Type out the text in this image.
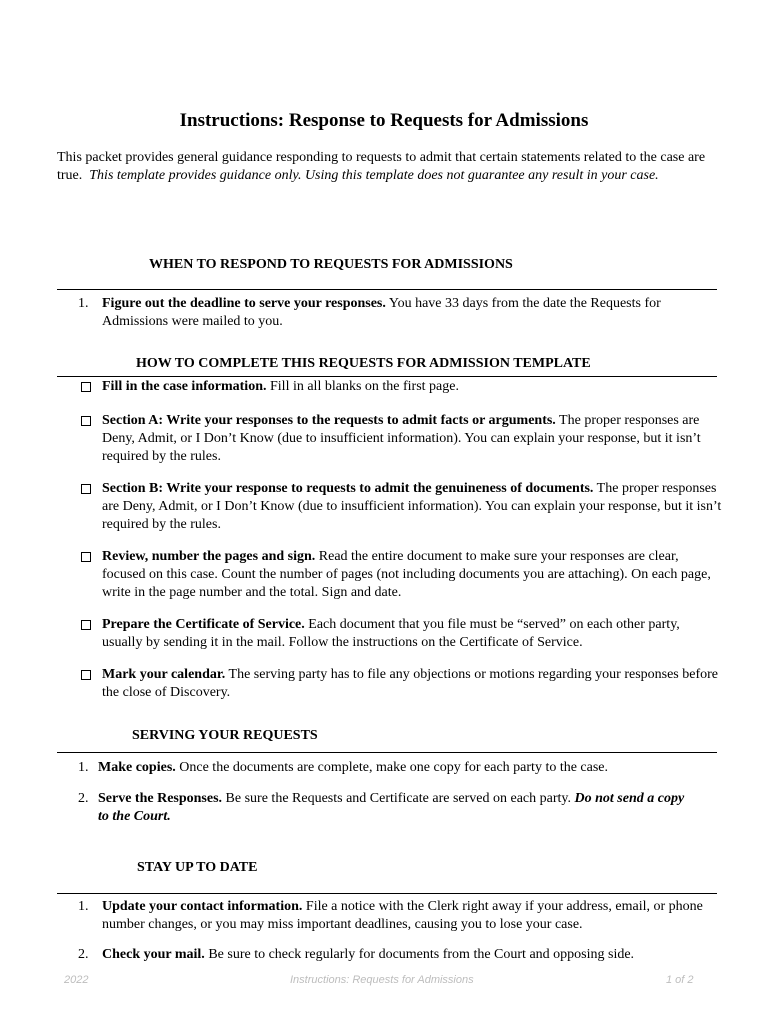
Instructions: Response to Requests for Admissions
This packet provides general guidance responding to requests to admit that certain statements related to the case are true. This template provides guidance only. Using this template does not guarantee any result in your case.
WHEN TO RESPOND TO REQUESTS FOR ADMISSIONS
1. Figure out the deadline to serve your responses. You have 33 days from the date the Requests for Admissions were mailed to you.
HOW TO COMPLETE THIS REQUESTS FOR ADMISSION TEMPLATE
Fill in the case information. Fill in all blanks on the first page.
Section A: Write your responses to the requests to admit facts or arguments. The proper responses are Deny, Admit, or I Don’t Know (due to insufficient information). You can explain your response, but it isn’t required by the rules.
Section B: Write your response to requests to admit the genuineness of documents. The proper responses are Deny, Admit, or I Don’t Know (due to insufficient information). You can explain your response, but it isn’t required by the rules.
Review, number the pages and sign. Read the entire document to make sure your responses are clear, focused on this case. Count the number of pages (not including documents you are attaching). On each page, write in the page number and the total. Sign and date.
Prepare the Certificate of Service. Each document that you file must be “served” on each other party, usually by sending it in the mail. Follow the instructions on the Certificate of Service.
Mark your calendar. The serving party has to file any objections or motions regarding your responses before the close of Discovery.
SERVING YOUR REQUESTS
1. Make copies. Once the documents are complete, make one copy for each party to the case.
2. Serve the Responses. Be sure the Requests and Certificate are served on each party. Do not send a copy to the Court.
STAY UP TO DATE
1. Update your contact information. File a notice with the Clerk right away if your address, email, or phone number changes, or you may miss important deadlines, causing you to lose your case.
2. Check your mail. Be sure to check regularly for documents from the Court and opposing side.
2022	Instructions: Requests for Admissions	1 of 2
